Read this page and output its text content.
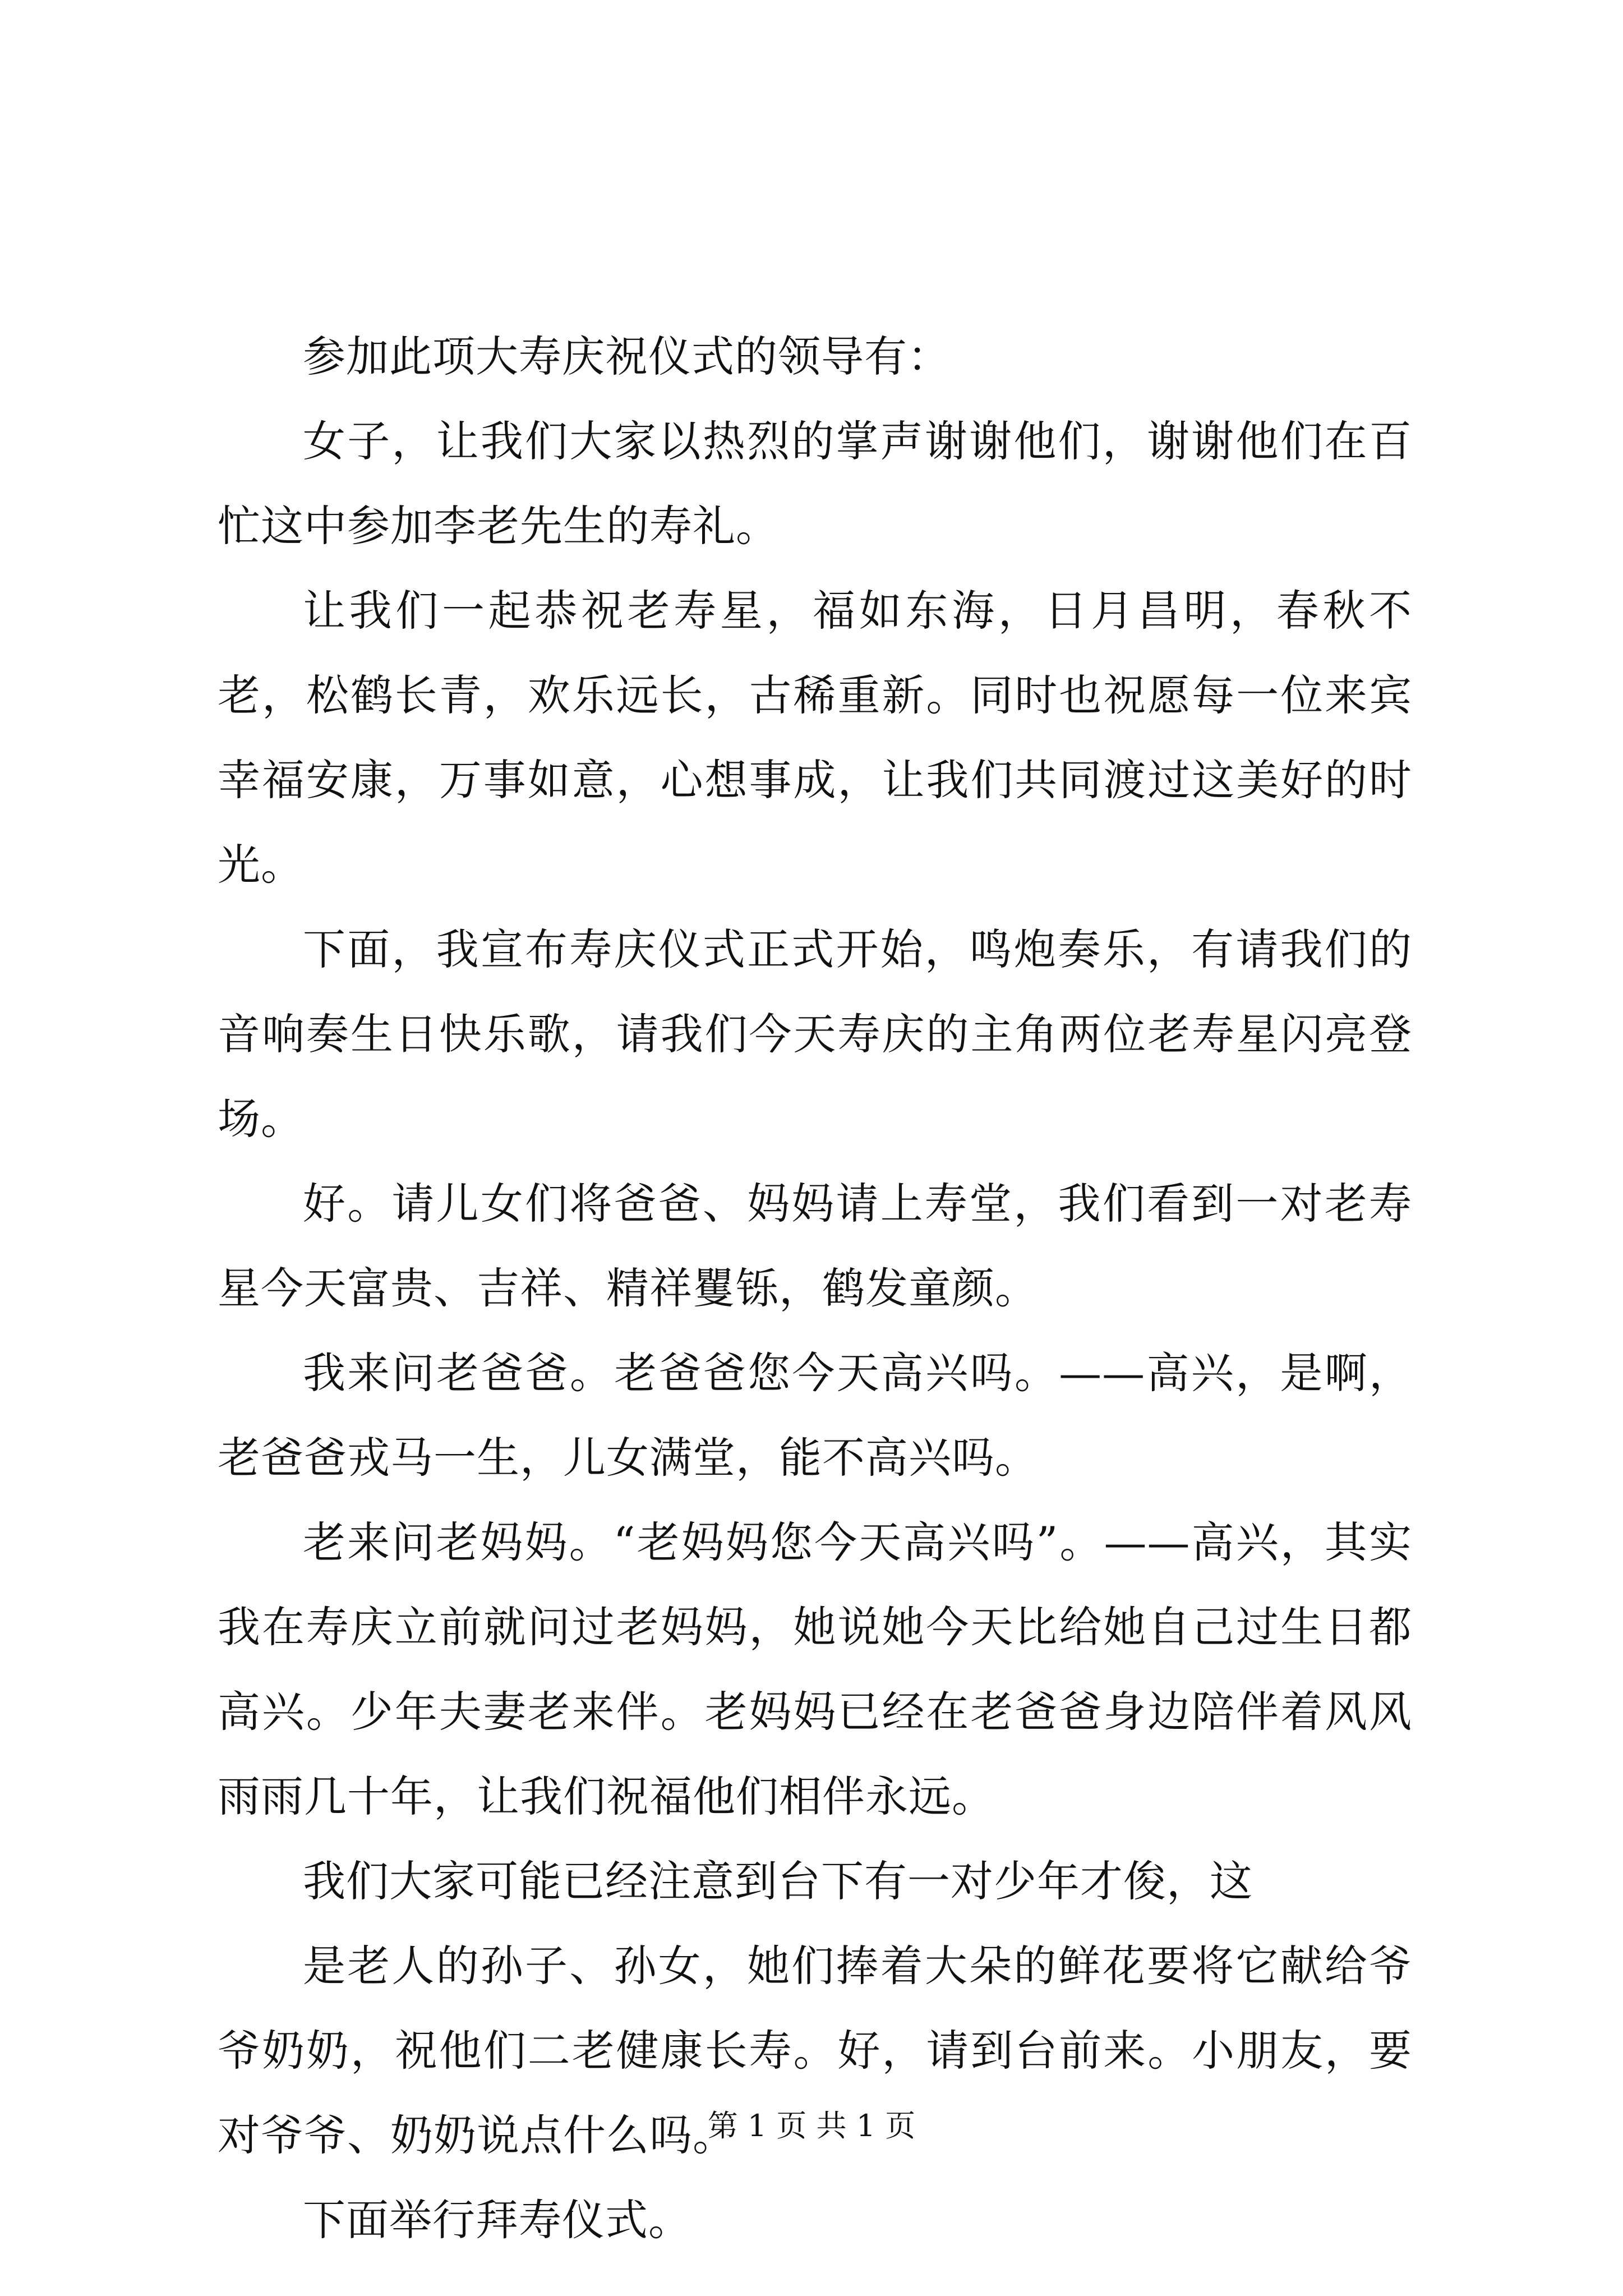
参加此项大寿庆祝仪式的领导有：

女子，让我们大家以热烈的掌声谢谢他们，谢谢他们在百忙这中参加李老先生的寿礼。

让我们一起恭祝老寿星，福如东海，日月昌明，春秋不老，松鹤长青，欢乐远长，古稀重新。同时也祝愿每一位来宾幸福安康，万事如意，心想事成，让我们共同渡过这美好的时光。

下面，我宣布寿庆仪式正式开始，鸣炮奏乐，有请我们的音响奏生日快乐歌，请我们今天寿庆的主角两位老寿星闪亮登场。

好。请儿女们将爸爸、妈妈请上寿堂，我们看到一对老寿星今天富贵、吉祥、精祥矍铄，鹤发童颜。

我来问老爸爸。老爸爸您今天高兴吗。——高兴，是啊，老爸爸戎马一生，儿女满堂，能不高兴吗。

老来问老妈妈。“老妈妈您今天高兴吗”。——高兴，其实我在寿庆立前就问过老妈妈，她说她今天比给她自己过生日都高兴。少年夫妻老来伴。老妈妈已经在老爸爸身边陪伴着风风雨雨几十年，让我们祝福他们相伴永远。

我们大家可能已经注意到台下有一对少年才俊，这

是老人的孙子、孙女，她们捧着大朵的鲜花要将它献给爷爷奶奶，祝他们二老健康长寿。好，请到台前来。小朋友，要对爷爷、奶奶说点什么吗。

下面举行拜寿仪式。

第 1 页 共 1 页
